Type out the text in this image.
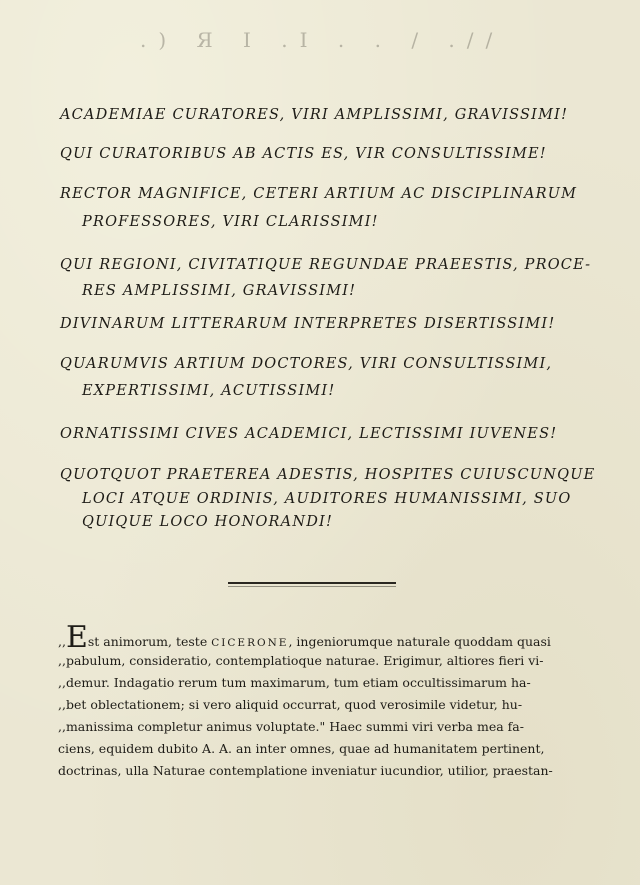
.) Я I .I . . / .//
ACADEMIAE CURATORES, VIRI AMPLISSIMI, GRAVISSIMI!
QUI CURATORIBUS AB ACTIS ES, VIR CONSULTISSIME!
RECTOR MAGNIFICE, CETERI ARTIUM AC DISCIPLINARUM
PROFESSORES, VIRI CLARISSIMI!
QUI REGIONI, CIVITATIQUE REGUNDAE PRAEESTIS, PROCE-
RES AMPLISSIMI, GRAVISSIMI!
DIVINARUM LITTERARUM INTERPRETES DISERTISSIMI!
QUARUMVIS ARTIUM DOCTORES, VIRI CONSULTISSIMI,
EXPERTISSIMI, ACUTISSIMI!
ORNATISSIMI CIVES ACADEMICI, LECTISSIMI IUVENES!
QUOTQUOT PRAETEREA ADESTIS, HOSPITES CUIUSCUNQUE
LOCI ATQUE ORDINIS, AUDITORES HUMANISSIMI, SUO
QUIQUE LOCO HONORANDI!

,,Est animorum, teste CICERONE, ingeniorumque naturale quoddam quasi

,,pabulum, consideratio, contemplatioque naturae. Erigimur, altiores fieri vi-

,,demur. Indagatio rerum tum maximarum, tum etiam occultissimarum ha-

,,bet oblectationem; si vero aliquid occurrat, quod verosimile videtur, hu-

,,manissima completur animus voluptate." Haec summi viri verba mea fa-

ciens, equidem dubito A. A. an inter omnes, quae ad humanitatem pertinent,

doctrinas, ulla Naturae contemplatione inveniatur iucundior, utilior, praestan-
